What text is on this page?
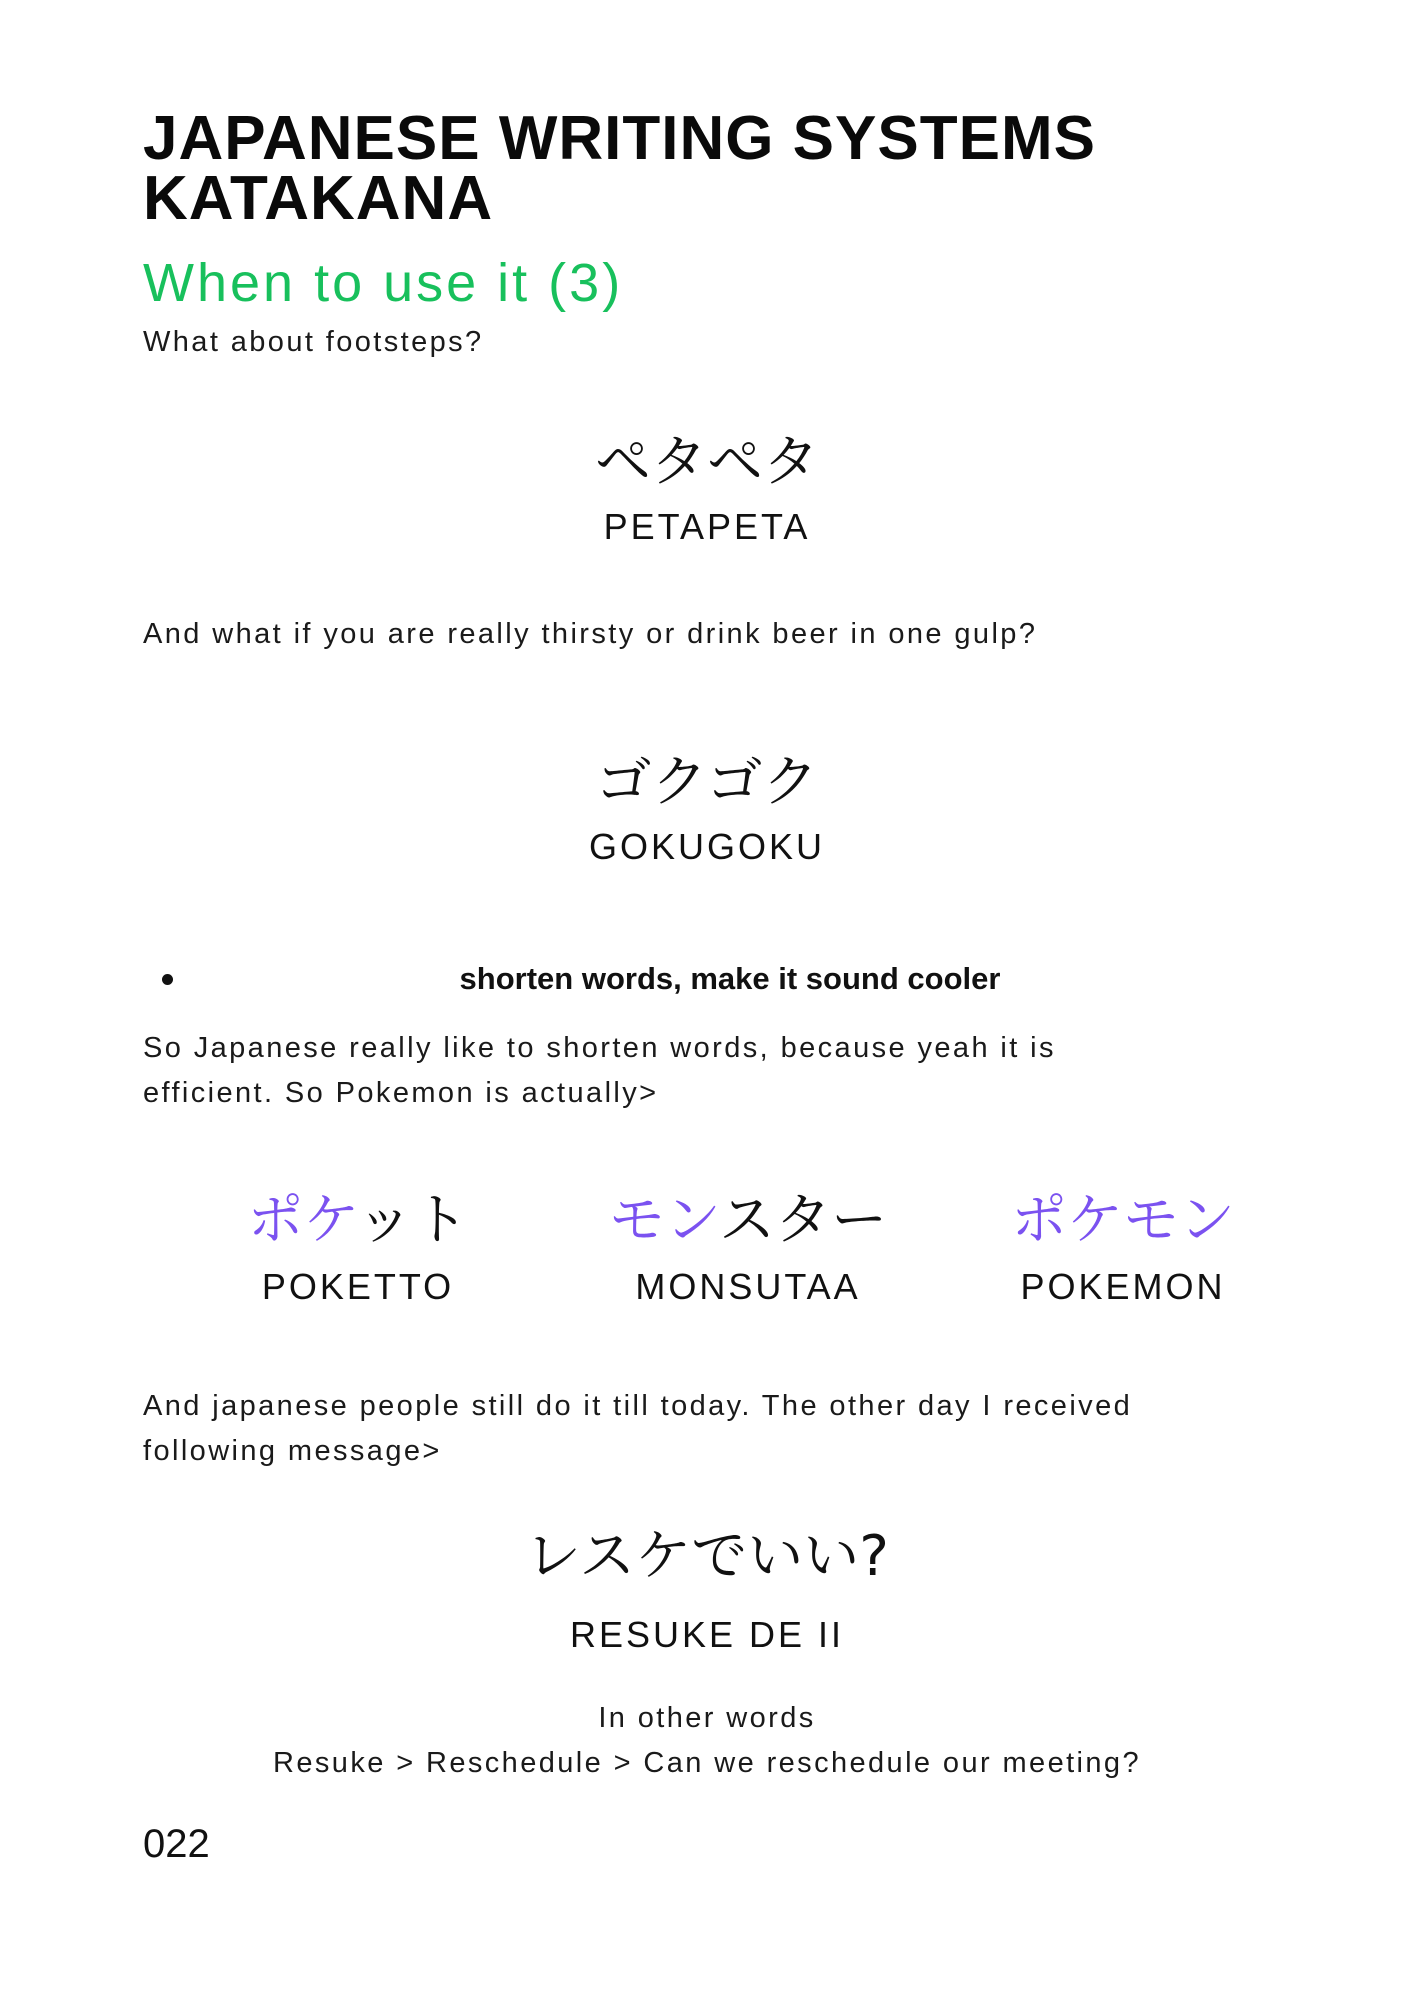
JAPANESE WRITING SYSTEMS
KATAKANA
When to use it (3)
What about footsteps?
ペタペタ
PETAPETA
And what if you are really thirsty or drink beer in one gulp?
ゴクゴク
GOKUGOKU
shorten words, make it sound cooler
So Japanese really like to shorten words, because yeah it is
efficient. So Pokemon is actually>
ポケット
POKETTO
モンスター
MONSUTAA
ポケモン
POKEMON
And japanese people still do it till today. The other day I received
following message>
レスケでいい?
RESUKE DE II
In other words
Resuke > Reschedule > Can we reschedule our meeting?
022
